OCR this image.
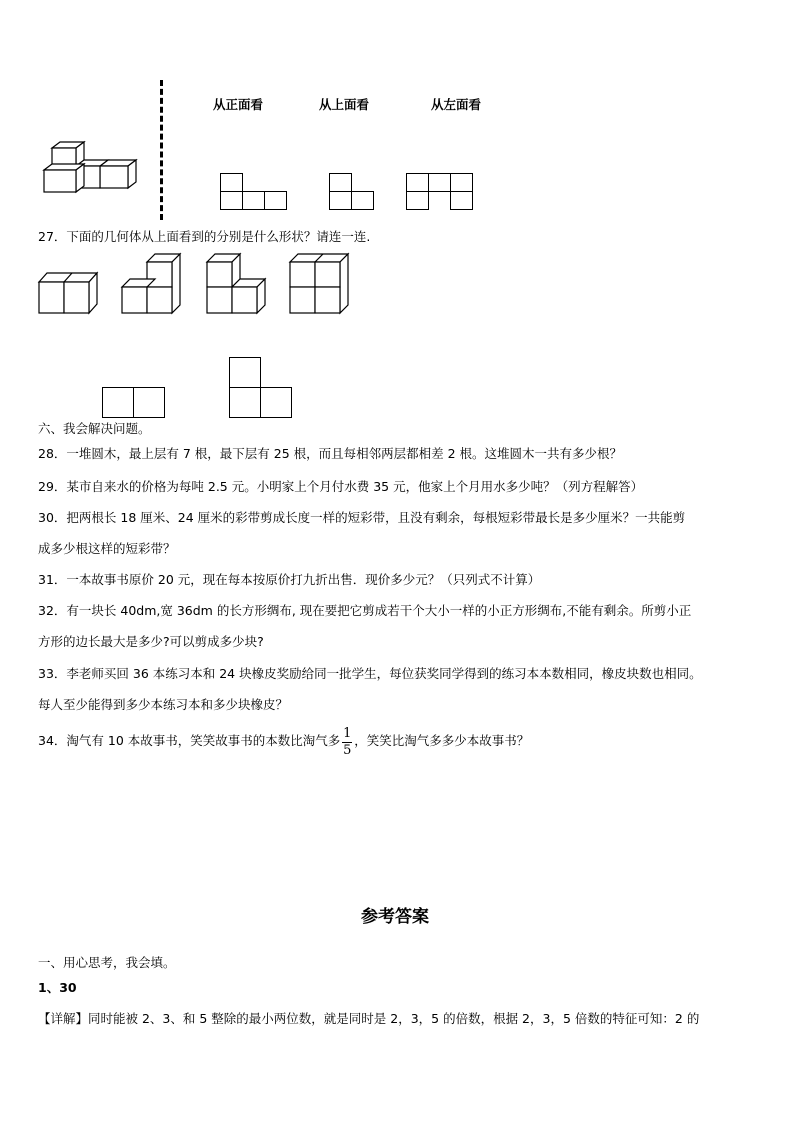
从正面看	从上面看	从左面看
27．下面的几何体从上面看到的分别是什么形状？请连一连.
六、我会解决问题。
28．一堆圆木，最上层有 7 根，最下层有 25 根，而且每相邻两层都相差 2 根。这堆圆木一共有多少根？
29．某市自来水的价格为每吨 2.5 元。小明家上个月付水费 35 元，他家上个月用水多少吨？（列方程解答）
30．把两根长 18 厘米、24 厘米的彩带剪成长度一样的短彩带，且没有剩余，每根短彩带最长是多少厘米？一共能剪
成多少根这样的短彩带？
31．一本故事书原价 20 元，现在每本按原价打九折出售．现价多少元？（只列式不计算）
32．有一块长 40dm,宽 36dm 的长方形绸布, 现在要把它剪成若干个大小一样的小正方形绸布,不能有剩余。所剪小正
方形的边长最大是多少?可以剪成多少块?
33．李老师买回 36 本练习本和 24 块橡皮奖励给同一批学生，每位获奖同学得到的练习本本数相同，橡皮块数也相同。
每人至少能得到多少本练习本和多少块橡皮？
34．淘气有 10 本故事书，笑笑故事书的本数比淘气多 $\frac{1}{5}$ ，笑笑比淘气多多少本故事书？
参考答案
一、用心思考，我会填。
1、30
【详解】同时能被 2、3、和 5 整除的最小两位数，就是同时是 2，3，5 的倍数，根据 2，3，5 倍数的特征可知：2 的
